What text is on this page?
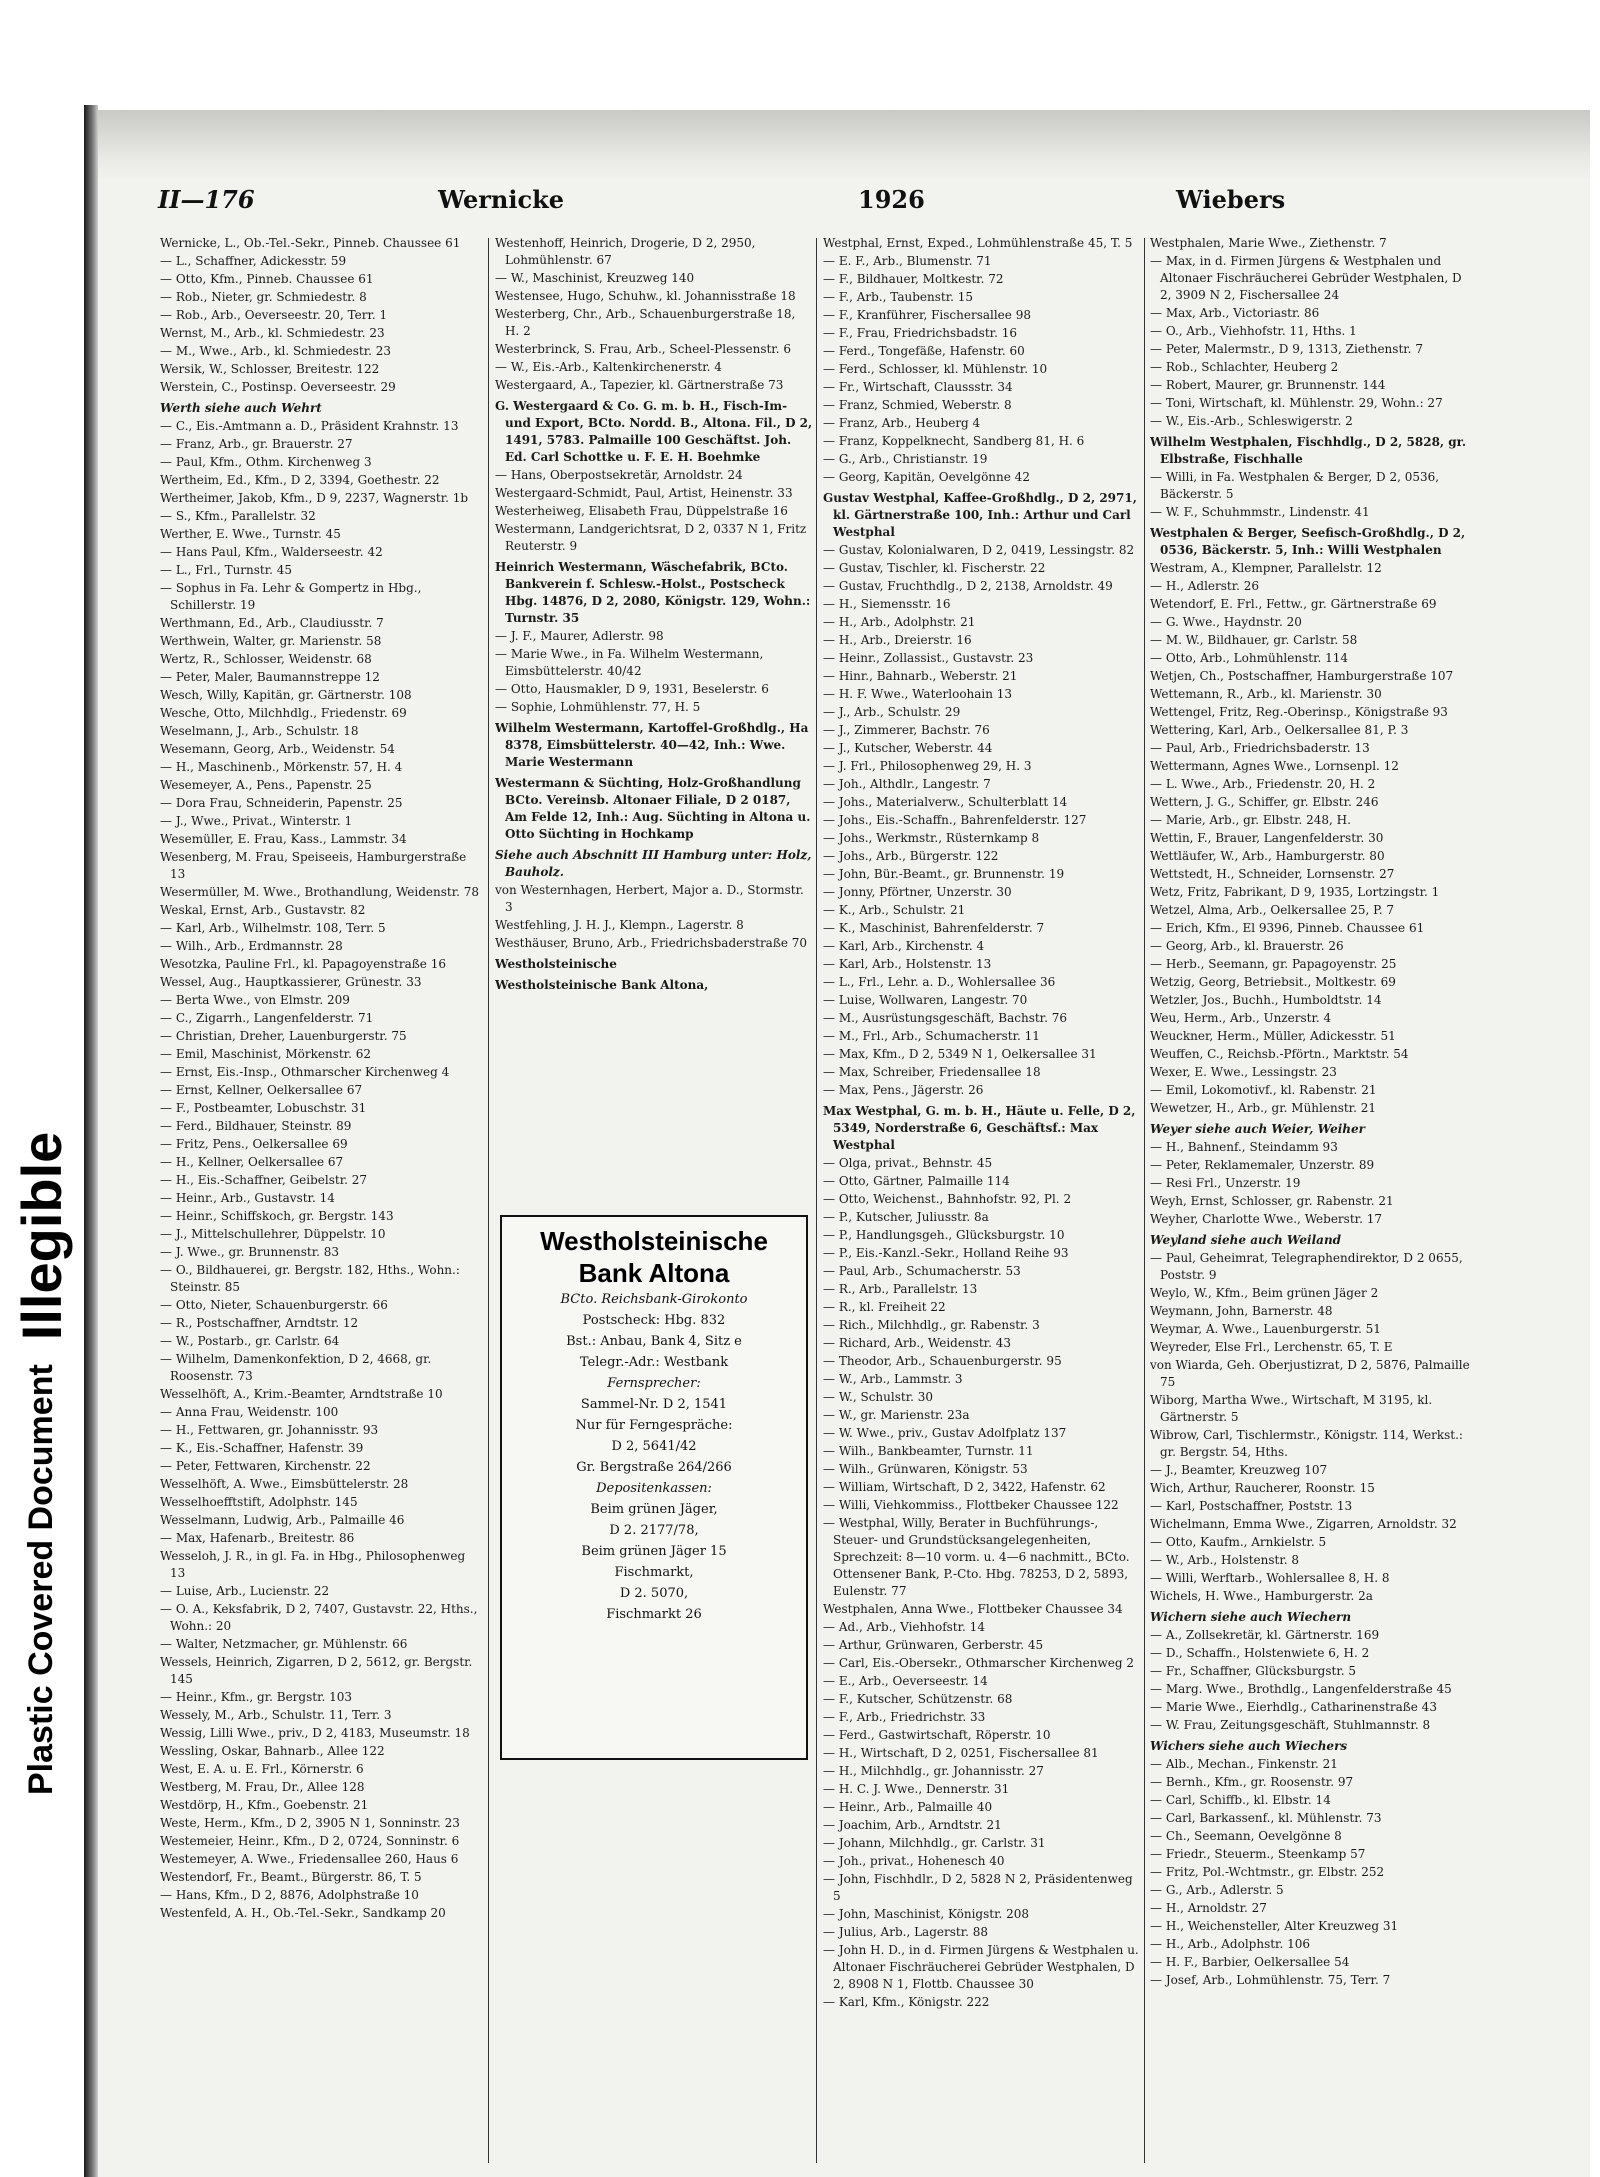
Plastic Covered Document
Illegible
II—176	Wernicke	1926	Wiebers
Wernicke, L., Ob.-Tel.-Sekr., Pinneb. Chaussee 61
— L., Schaffner, Adickesstr. 59
— Otto, Kfm., Pinneb. Chaussee 61
— Rob., Nieter, gr. Schmiedestr. 8
— Rob., Arb., Oeverseestr. 20, Terr. 1
Wernst, M., Arb., kl. Schmiedestr. 23
— M., Wwe., Arb., kl. Schmiedestr. 23
Wersik, W., Schlosser, Breitestr. 122
Werstein, C., Postinsp. Oeverseestr. 29
Werth siehe auch Wehrt
— C., Eis.-Amtmann a. D., Präsident Krahnstr. 13
— Franz, Arb., gr. Brauerstr. 27
— Paul, Kfm., Othm. Kirchenweg 3
Wertheim, Ed., Kfm., D 2, 3394, Goethestr. 22
Wertheimer, Jakob, Kfm., D 9, 2237, Wagnerstr. 1b
— S., Kfm., Parallelstr. 32
Werther, E. Wwe., Turnstr. 45
— Hans Paul, Kfm., Walderseestr. 42
— L., Frl., Turnstr. 45
— Sophus in Fa. Lehr & Gompertz in Hbg., Schillerstr. 19
Werthmann, Ed., Arb., Claudiusstr. 7
Werthwein, Walter, gr. Marienstr. 58
Wertz, R., Schlosser, Weidenstr. 68
— Peter, Maler, Baumannstreppe 12
Wesch, Willy, Kapitän, gr. Gärtnerstr. 108
Wesche, Otto, Milchhdlg., Friedenstr. 69
Weselmann, J., Arb., Schulstr. 18
Wesemann, Georg, Arb., Weidenstr. 54
— H., Maschinenb., Mörkenstr. 57, H. 4
Wesemeyer, A., Pens., Papenstr. 25
— Dora Frau, Schneiderin, Papenstr. 25
— J., Wwe., Privat., Winterstr. 1
Wesemüller, E. Frau, Kass., Lammstr. 34
Wesenberg, M. Frau, Speiseeis, Hamburgerstraße 13
Wesermüller, M. Wwe., Brothandlung, Weidenstr. 78
Weskal, Ernst, Arb., Gustavstr. 82
— Karl, Arb., Wilhelmstr. 108, Terr. 5
— Wilh., Arb., Erdmannstr. 28
Wesotzka, Pauline Frl., kl. Papagoyenstraße 16
Wessel, Aug., Hauptkassierer, Grünestr. 33
— Berta Wwe., von Elmstr. 209
— C., Zigarrh., Langenfelderstr. 71
— Christian, Dreher, Lauenburgerstr. 75
— Emil, Maschinist, Mörkenstr. 62
— Ernst, Eis.-Insp., Othmarscher Kirchenweg 4
— Ernst, Kellner, Oelkersallee 67
— F., Postbeamter, Lobuschstr. 31
— Ferd., Bildhauer, Steinstr. 89
— Fritz, Pens., Oelkersallee 69
— H., Kellner, Oelkersallee 67
— H., Eis.-Schaffner, Geibelstr. 27
— Heinr., Arb., Gustavstr. 14
— Heinr., Schiffskoch, gr. Bergstr. 143
— J., Mittelschullehrer, Düppelstr. 10
— J. Wwe., gr. Brunnenstr. 83
— O., Bildhauerei, gr. Bergstr. 182, Hths., Wohn.: Steinstr. 85
— Otto, Nieter, Schauenburgerstr. 66
— R., Postschaffner, Arndtstr. 12
— W., Postarb., gr. Carlstr. 64
— Wilhelm, Damenkonfektion, D 2, 4668, gr. Roosenstr. 73
Wesselhöft, A., Krim.-Beamter, Arndtstraße 10
— Anna Frau, Weidenstr. 100
— H., Fettwaren, gr. Johannisstr. 93
— K., Eis.-Schaffner, Hafenstr. 39
— Peter, Fettwaren, Kirchenstr. 22
Wesselhöft, A. Wwe., Eimsbüttelerstr. 28
Wesselhoefftstift, Adolphstr. 145
Wesselmann, Ludwig, Arb., Palmaille 46
— Max, Hafenarb., Breitestr. 86
Wesseloh, J. R., in gl. Fa. in Hbg., Philosophenweg 13
— Luise, Arb., Lucienstr. 22
— O. A., Keksfabrik, D 2, 7407, Gustavstr. 22, Hths., Wohn.: 20
— Walter, Netzmacher, gr. Mühlenstr. 66
Wessels, Heinrich, Zigarren, D 2, 5612, gr. Bergstr. 145
— Heinr., Kfm., gr. Bergstr. 103
Wessely, M., Arb., Schulstr. 11, Terr. 3
Wessig, Lilli Wwe., priv., D 2, 4183, Museumstr. 18
Wessling, Oskar, Bahnarb., Allee 122
West, E. A. u. E. Frl., Körnerstr. 6
Westberg, M. Frau, Dr., Allee 128
Westdörp, H., Kfm., Goebenstr. 21
Weste, Herm., Kfm., D 2, 3905 N 1, Sonninstr. 23
Westemeier, Heinr., Kfm., D 2, 0724, Sonninstr. 6
Westemeyer, A. Wwe., Friedensallee 260, Haus 6
Westendorf, Fr., Beamt., Bürgerstr. 86, T. 5
— Hans, Kfm., D 2, 8876, Adolphstraße 10
Westenfeld, A. H., Ob.-Tel.-Sekr., Sandkamp 20
Westenhoff, Heinrich, Drogerie, D 2, 2950, Lohmühlenstr. 67
— W., Maschinist, Kreuzweg 140
Westensee, Hugo, Schuhw., kl. Johannisstraße 18
Westerberg, Chr., Arb., Schauenburgerstraße 18, H. 2
Westerbrinck, S. Frau, Arb., Scheel-Plessenstr. 6
— W., Eis.-Arb., Kaltenkirchenerstr. 4
Westergaard, A., Tapezier, kl. Gärtnerstraße 73
G. Westergaard & Co. G. m. b. H., Fisch-Im- und Export, BCto. Nordd. B., Altona. Fil., D 2, 1491, 5783. Palmaille 100 Geschäftst. Joh. Ed. Carl Schottke u. F. E. H. Boehmke
— Hans, Oberpostsekretär, Arnoldstr. 24
Westergaard-Schmidt, Paul, Artist, Heinenstr. 33
Westerheiweg, Elisabeth Frau, Düppelstraße 16
Westermann, Landgerichtsrat, D 2, 0337 N 1, Fritz Reuterstr. 9
Heinrich Westermann, Wäschefabrik, BCto. Bankverein f. Schlesw.-Holst., Postscheck Hbg. 14876, D 2, 2080, Königstr. 129, Wohn.: Turnstr. 35
— J. F., Maurer, Adlerstr. 98
— Marie Wwe., in Fa. Wilhelm Westermann, Eimsbüttelerstr. 40/42
— Otto, Hausmakler, D 9, 1931, Beselerstr. 6
— Sophie, Lohmühlenstr. 77, H. 5
Wilhelm Westermann, Kartoffel-Großhdlg., Ha 8378, Eimsbüttelerstr. 40—42, Inh.: Wwe. Marie Westermann
Westermann & Süchting, Holz-Großhandlung BCto. Vereinsb. Altonaer Filiale, D 2 0187, Am Felde 12, Inh.: Aug. Süchting in Altona u. Otto Süchting in Hochkamp
Siehe auch Abschnitt III Hamburg unter: Holz, Bauholz.
von Westernhagen, Herbert, Major a. D., Stormstr. 3
Westfehling, J. H. J., Klempn., Lagerstr. 8
Westhäuser, Bruno, Arb., Friedrichsbaderstraße 70
Westholsteinische
Westholsteinische Bank Altona,
Westphal, Ernst, Exped., Lohmühlenstraße 45, T. 5
— E. F., Arb., Blumenstr. 71
— F., Bildhauer, Moltkestr. 72
— F., Arb., Taubenstr. 15
— F., Kranführer, Fischersallee 98
— F., Frau, Friedrichsbadstr. 16
— Ferd., Tongefäße, Hafenstr. 60
— Ferd., Schlosser, kl. Mühlenstr. 10
— Fr., Wirtschaft, Claussstr. 34
— Franz, Schmied, Weberstr. 8
— Franz, Arb., Heuberg 4
— Franz, Koppelknecht, Sandberg 81, H. 6
— G., Arb., Christianstr. 19
— Georg, Kapitän, Oevelgönne 42
Gustav Westphal, Kaffee-Großhdlg., D 2, 2971, kl. Gärtnerstraße 100, Inh.: Arthur und Carl Westphal
— Gustav, Kolonialwaren, D 2, 0419, Lessingstr. 82
— Gustav, Tischler, kl. Fischerstr. 22
— Gustav, Fruchthdlg., D 2, 2138, Arnoldstr. 49
— H., Siemensstr. 16
— H., Arb., Adolphstr. 21
— H., Arb., Dreierstr. 16
— Heinr., Zollassist., Gustavstr. 23
— Hinr., Bahnarb., Weberstr. 21
— H. F. Wwe., Waterloohain 13
— J., Arb., Schulstr. 29
— J., Zimmerer, Bachstr. 76
— J., Kutscher, Weberstr. 44
— J. Frl., Philosophenweg 29, H. 3
— Joh., Althdlr., Langestr. 7
— Johs., Materialverw., Schulterblatt 14
— Johs., Eis.-Schaffn., Bahrenfelderstr. 127
— Johs., Werkmstr., Rüsternkamp 8
— Johs., Arb., Bürgerstr. 122
— John, Bür.-Beamt., gr. Brunnenstr. 19
— Jonny, Pförtner, Unzerstr. 30
— K., Arb., Schulstr. 21
— K., Maschinist, Bahrenfelderstr. 7
— Karl, Arb., Kirchenstr. 4
— Karl, Arb., Holstenstr. 13
— L., Frl., Lehr. a. D., Wohlersallee 36
— Luise, Wollwaren, Langestr. 70
— M., Ausrüstungsgeschäft, Bachstr. 76
— M., Frl., Arb., Schumacherstr. 11
— Max, Kfm., D 2, 5349 N 1, Oelkersallee 31
— Max, Schreiber, Friedensallee 18
— Max, Pens., Jägerstr. 26
Max Westphal, G. m. b. H., Häute u. Felle, D 2, 5349, Norderstraße 6, Geschäftsf.: Max Westphal
— Olga, privat., Behnstr. 45
— Otto, Gärtner, Palmaille 114
— Otto, Weichenst., Bahnhofstr. 92, Pl. 2
— P., Kutscher, Juliusstr. 8a
— P., Handlungsgeh., Glücksburgstr. 10
— P., Eis.-Kanzl.-Sekr., Holland Reihe 93
— Paul, Arb., Schumacherstr. 53
— R., Arb., Parallelstr. 13
— R., kl. Freiheit 22
— Rich., Milchhdlg., gr. Rabenstr. 3
— Richard, Arb., Weidenstr. 43
— Theodor, Arb., Schauenburgerstr. 95
— W., Arb., Lammstr. 3
— W., Schulstr. 30
— W., gr. Marienstr. 23a
— W. Wwe., priv., Gustav Adolfplatz 137
— Wilh., Bankbeamter, Turnstr. 11
— Wilh., Grünwaren, Königstr. 53
— William, Wirtschaft, D 2, 3422, Hafenstr. 62
— Willi, Viehkommiss., Flottbeker Chaussee 122
— Westphal, Willy, Berater in Buchführungs-, Steuer- und Grundstücksangelegenheiten, Sprechzeit: 8—10 vorm. u. 4—6 nachmitt., BCto. Ottensener Bank, P.-Cto. Hbg. 78253, D 2, 5893, Eulenstr. 77
Westphalen, Anna Wwe., Flottbeker Chaussee 34
— Ad., Arb., Viehhofstr. 14
— Arthur, Grünwaren, Gerberstr. 45
— Carl, Eis.-Obersekr., Othmarscher Kirchenweg 2
— E., Arb., Oeverseestr. 14
— F., Kutscher, Schützenstr. 68
— F., Arb., Friedrichstr. 33
— Ferd., Gastwirtschaft, Röperstr. 10
— H., Wirtschaft, D 2, 0251, Fischersallee 81
— H., Milchhdlg., gr. Johannisstr. 27
— H. C. J. Wwe., Dennerstr. 31
— Heinr., Arb., Palmaille 40
— Joachim, Arb., Arndtstr. 21
— Johann, Milchhdlg., gr. Carlstr. 31
— Joh., privat., Hohenesch 40
— John, Fischhdlr., D 2, 5828 N 2, Präsidentenweg 5
— John, Maschinist, Königstr. 208
— Julius, Arb., Lagerstr. 88
— John H. D., in d. Firmen Jürgens & Westphalen u. Altonaer Fischräucherei Gebrüder Westphalen, D 2, 8908 N 1, Flottb. Chaussee 30
— Karl, Kfm., Königstr. 222
Westphalen, Marie Wwe., Ziethenstr. 7
— Max, in d. Firmen Jürgens & Westphalen und Altonaer Fischräucherei Gebrüder Westphalen, D 2, 3909 N 2, Fischersallee 24
— Max, Arb., Victoriastr. 86
— O., Arb., Viehhofstr. 11, Hths. 1
— Peter, Malermstr., D 9, 1313, Ziethenstr. 7
— Rob., Schlachter, Heuberg 2
— Robert, Maurer, gr. Brunnenstr. 144
— Toni, Wirtschaft, kl. Mühlenstr. 29, Wohn.: 27
— W., Eis.-Arb., Schleswigerstr. 2
Wilhelm Westphalen, Fischhdlg., D 2, 5828, gr. Elbstraße, Fischhalle
— Willi, in Fa. Westphalen & Berger, D 2, 0536, Bäckerstr. 5
— W. F., Schuhmmstr., Lindenstr. 41
Westphalen & Berger, Seefisch-Großhdlg., D 2, 0536, Bäckerstr. 5, Inh.: Willi Westphalen
Westram, A., Klempner, Parallelstr. 12
— H., Adlerstr. 26
Wetendorf, E. Frl., Fettw., gr. Gärtnerstraße 69
— G. Wwe., Haydnstr. 20
— M. W., Bildhauer, gr. Carlstr. 58
— Otto, Arb., Lohmühlenstr. 114
Wetjen, Ch., Postschaffner, Hamburgerstraße 107
Wettemann, R., Arb., kl. Marienstr. 30
Wettengel, Fritz, Reg.-Oberinsp., Königstraße 93
Wettering, Karl, Arb., Oelkersallee 81, P. 3
— Paul, Arb., Friedrichsbaderstr. 13
Wettermann, Agnes Wwe., Lornsenpl. 12
— L. Wwe., Arb., Friedenstr. 20, H. 2
Wettern, J. G., Schiffer, gr. Elbstr. 246
— Marie, Arb., gr. Elbstr. 248, H.
Wettin, F., Brauer, Langenfelderstr. 30
Wettläufer, W., Arb., Hamburgerstr. 80
Wettstedt, H., Schneider, Lornsenstr. 27
Wetz, Fritz, Fabrikant, D 9, 1935, Lortzingstr. 1
Wetzel, Alma, Arb., Oelkersallee 25, P. 7
— Erich, Kfm., El 9396, Pinneb. Chaussee 61
— Georg, Arb., kl. Brauerstr. 26
— Herb., Seemann, gr. Papagoyenstr. 25
Wetzig, Georg, Betriebsit., Moltkestr. 69
Wetzler, Jos., Buchh., Humboldtstr. 14
Weu, Herm., Arb., Unzerstr. 4
Weuckner, Herm., Müller, Adickesstr. 51
Weuffen, C., Reichsb.-Pförtn., Marktstr. 54
Wexer, E. Wwe., Lessingstr. 23
— Emil, Lokomotivf., kl. Rabenstr. 21
Wewetzer, H., Arb., gr. Mühlenstr. 21
Weyer siehe auch Weier, Weiher
— H., Bahnenf., Steindamm 93
— Peter, Reklamemaler, Unzerstr. 89
— Resi Frl., Unzerstr. 19
Weyh, Ernst, Schlosser, gr. Rabenstr. 21
Weyher, Charlotte Wwe., Weberstr. 17
Weyland siehe auch Weiland
— Paul, Geheimrat, Telegraphendirektor, D 2 0655, Poststr. 9
Weylo, W., Kfm., Beim grünen Jäger 2
Weymann, John, Barnerstr. 48
Weymar, A. Wwe., Lauenburgerstr. 51
Weyreder, Else Frl., Lerchenstr. 65, T. E
von Wiarda, Geh. Oberjustizrat, D 2, 5876, Palmaille 75
Wiborg, Martha Wwe., Wirtschaft, M 3195, kl. Gärtnerstr. 5
Wibrow, Carl, Tischlermstr., Königstr. 114, Werkst.: gr. Bergstr. 54, Hths.
— J., Beamter, Kreuzweg 107
Wich, Arthur, Raucherer, Roonstr. 15
— Karl, Postschaffner, Poststr. 13
Wichelmann, Emma Wwe., Zigarren, Arnoldstr. 32
— Otto, Kaufm., Arnkielstr. 5
— W., Arb., Holstenstr. 8
— Willi, Werftarb., Wohlersallee 8, H. 8
Wichels, H. Wwe., Hamburgerstr. 2a
Wichern siehe auch Wiechern
— A., Zollsekretär, kl. Gärtnerstr. 169
— D., Schaffn., Holstenwiete 6, H. 2
— Fr., Schaffner, Glücksburgstr. 5
— Marg. Wwe., Brothdlg., Langenfelderstraße 45
— Marie Wwe., Eierhdlg., Catharinenstraße 43
— W. Frau, Zeitungsgeschäft, Stuhlmannstr. 8
Wichers siehe auch Wiechers
— Alb., Mechan., Finkenstr. 21
— Bernh., Kfm., gr. Roosenstr. 97
— Carl, Schiffb., kl. Elbstr. 14
— Carl, Barkassenf., kl. Mühlenstr. 73
— Ch., Seemann, Oevelgönne 8
— Friedr., Steuerm., Steenkamp 57
— Fritz, Pol.-Wchtmstr., gr. Elbstr. 252
— G., Arb., Adlerstr. 5
— H., Arnoldstr. 27
— H., Weichensteller, Alter Kreuzweg 31
— H., Arb., Adolphstr. 106
— H. F., Barbier, Oelkersallee 54
— Josef, Arb., Lohmühlenstr. 75, Terr. 7
Westholsteinische
Bank Altona
BCto. Reichsbank-Girokonto
Postscheck: Hbg. 832
Bst.: Anbau, Bank 4, Sitz e
Telegr.-Adr.: Westbank
Fernsprecher:
Sammel-Nr. D 2, 1541
Nur für Ferngespräche:
D 2, 5641/42
Gr. Bergstraße 264/266
Depositenkassen:
Beim grünen Jäger,
D 2. 2177/78,
Beim grünen Jäger 15
Fischmarkt,
D 2. 5070,
Fischmarkt 26
